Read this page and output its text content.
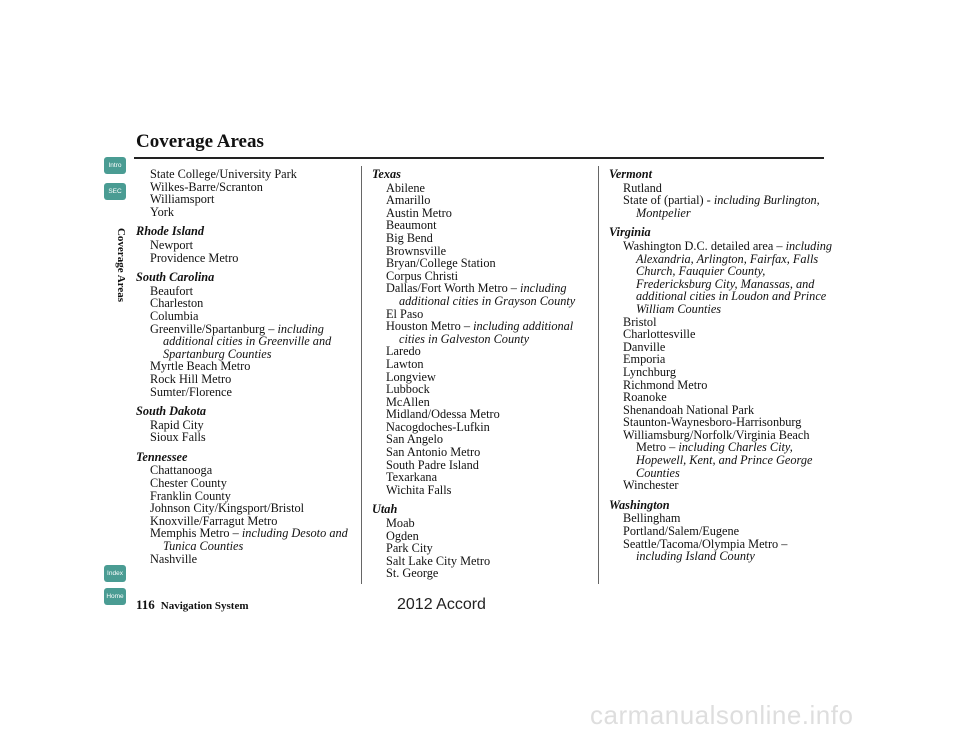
Coverage Areas
Intro
SEC
Coverage Areas
Index
Home
State College/University Park
Wilkes-Barre/Scranton
Williamsport
York
Rhode Island
Newport
Providence Metro
South Carolina
Beaufort
Charleston
Columbia
Greenville/Spartanburg – including additional cities in Greenville and Spartanburg Counties
Myrtle Beach Metro
Rock Hill Metro
Sumter/Florence
South Dakota
Rapid City
Sioux Falls
Tennessee
Chattanooga
Chester County
Franklin County
Johnson City/Kingsport/Bristol
Knoxville/Farragut Metro
Memphis Metro – including Desoto and Tunica Counties
Nashville
Texas
Abilene
Amarillo
Austin Metro
Beaumont
Big Bend
Brownsville
Bryan/College Station
Corpus Christi
Dallas/Fort Worth Metro – including additional cities in Grayson County
El Paso
Houston Metro – including additional cities in Galveston County
Laredo
Lawton
Longview
Lubbock
McAllen
Midland/Odessa Metro
Nacogdoches-Lufkin
San Angelo
San Antonio Metro
South Padre Island
Texarkana
Wichita Falls
Utah
Moab
Ogden
Park City
Salt Lake City Metro
St. George
Vermont
Rutland
State of (partial) - including Burlington, Montpelier
Virginia
Washington D.C. detailed area – including Alexandria, Arlington, Fairfax, Falls Church, Fauquier County, Fredericksburg City, Manassas, and additional cities in Loudon and Prince William Counties
Bristol
Charlottesville
Danville
Emporia
Lynchburg
Richmond Metro
Roanoke
Shenandoah National Park
Staunton-Waynesboro-Harrisonburg
Williamsburg/Norfolk/Virginia Beach Metro – including Charles City, Hopewell, Kent, and Prince George Counties
Winchester
Washington
Bellingham
Portland/Salem/Eugene
Seattle/Tacoma/Olympia Metro – including Island County
116 Navigation System	2012 Accord
carmanualsonline.info
